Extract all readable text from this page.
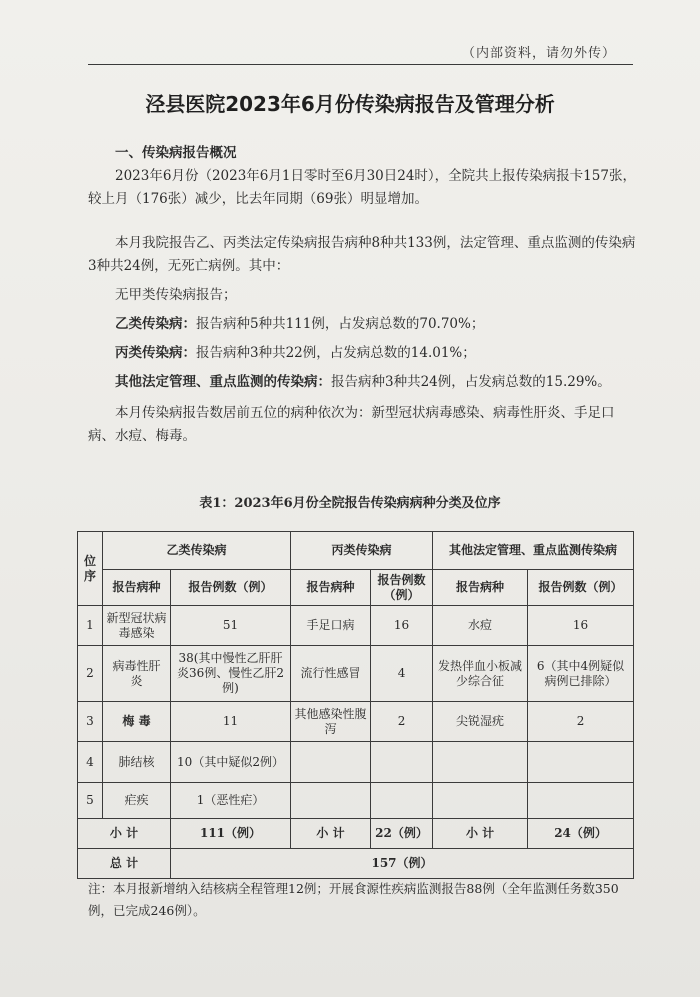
（内部资料，请勿外传）
泾县医院2023年6月份传染病报告及管理分析

一、传染病报告概况

2023年6月份（2023年6月1日零时至6月30日24时），全院共上报传染病报卡157张，较上月（176张）减少，比去年同期（69张）明显增加。

本月我院报告乙、丙类法定传染病报告病种8种共133例，法定管理、重点监测的传染病3种共24例，无死亡病例。其中：

无甲类传染病报告；

乙类传染病：报告病种5种共111例，占发病总数的70.70%；

丙类传染病：报告病种3种共22例，占发病总数的14.01%；

其他法定管理、重点监测的传染病：报告病种3种共24例，占发病总数的15.29%。

本月传染病报告数居前五位的病种依次为：新型冠状病毒感染、病毒性肝炎、手足口病、水痘、梅毒。

表1：2023年6月份全院报告传染病病种分类及位序
位序	乙类传染病		丙类传染病		其他法定管理、重点监测传染病	
	报告病种	报告例数（例）	报告病种	报告例数（例）	报告病种	报告例数（例）
1	新型冠状病毒感染	51	手足口病	16	水痘	16
2	病毒性肝 炎	38(其中慢性乙肝肝炎36例、慢性乙肝2例)	流行性感冒	4	发热伴血小板减少综合征	6（其中4例疑似病例已排除）
3	梅 毒	11	其他感染性腹泻	2	尖锐湿疣	2
4	肺结核	10（其中疑似2例）				
5	疟疾	1（恶性疟）				
小 计		111（例）	小 计	22（例）	小 计	24（例）
总 计		157（例）				
注：本月报新增纳入结核病全程管理12例；开展食源性疾病监测报告88例（全年监测任务数350例，已完成246例）。
